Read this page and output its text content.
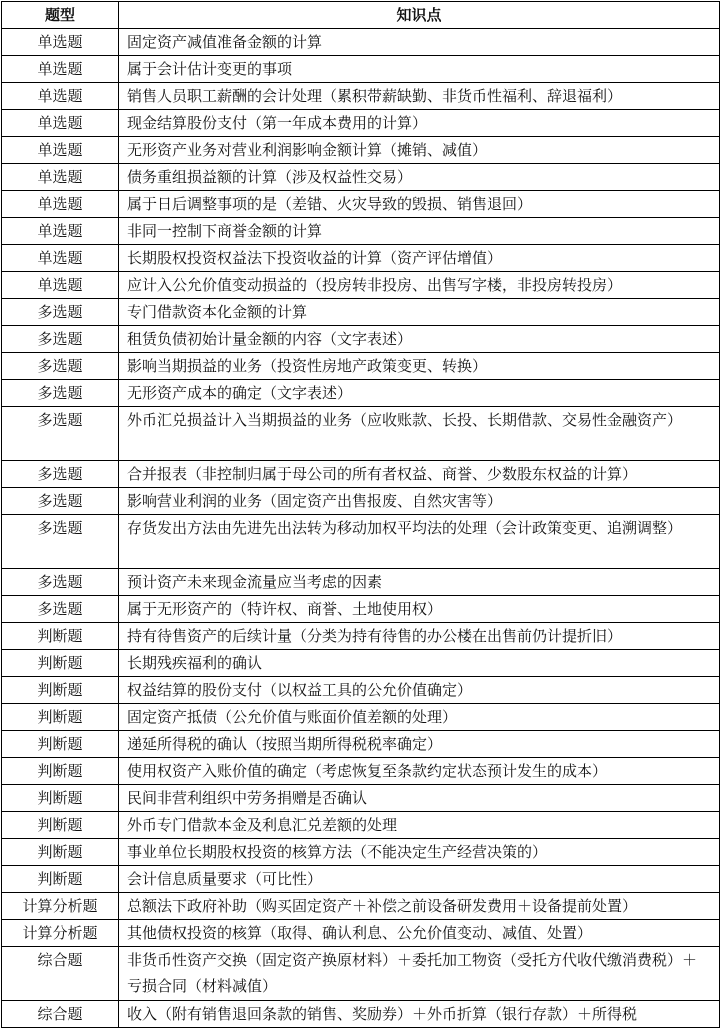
题型	知识点
单选题	固定资产减值准备金额的计算
单选题	属于会计估计变更的事项
单选题	销售人员职工薪酬的会计处理（累积带薪缺勤、非货币性福利、辞退福利）
单选题	现金结算股份支付（第一年成本费用的计算）
单选题	无形资产业务对营业利润影响金额计算（摊销、减值）
单选题	债务重组损益额的计算（涉及权益性交易）
单选题	属于日后调整事项的是（差错、火灾导致的毁损、销售退回）
单选题	非同一控制下商誉金额的计算
单选题	长期股权投资权益法下投资收益的计算（资产评估增值）
单选题	应计入公允价值变动损益的（投房转非投房、出售写字楼，非投房转投房）
多选题	专门借款资本化金额的计算
多选题	租赁负债初始计量金额的内容（文字表述）
多选题	影响当期损益的业务（投资性房地产政策变更、转换）
多选题	无形资产成本的确定（文字表述）
多选题	外币汇兑损益计入当期损益的业务（应收账款、长投、长期借款、交易性金融资产）
多选题	合并报表（非控制归属于母公司的所有者权益、商誉、少数股东权益的计算）
多选题	影响营业利润的业务（固定资产出售报废、自然灾害等）
多选题	存货发出方法由先进先出法转为移动加权平均法的处理（会计政策变更、追溯调整）
多选题	预计资产未来现金流量应当考虑的因素
多选题	属于无形资产的（特许权、商誉、土地使用权）
判断题	持有待售资产的后续计量（分类为持有待售的办公楼在出售前仍计提折旧）
判断题	长期残疾福利的确认
判断题	权益结算的股份支付（以权益工具的公允价值确定）
判断题	固定资产抵债（公允价值与账面价值差额的处理）
判断题	递延所得税的确认（按照当期所得税税率确定）
判断题	使用权资产入账价值的确定（考虑恢复至条款约定状态预计发生的成本）
判断题	民间非营利组织中劳务捐赠是否确认
判断题	外币专门借款本金及利息汇兑差额的处理
判断题	事业单位长期股权投资的核算方法（不能决定生产经营决策的）
判断题	会计信息质量要求（可比性）
计算分析题	总额法下政府补助（购买固定资产＋补偿之前设备研发费用＋设备提前处置）
计算分析题	其他债权投资的核算（取得、确认利息、公允价值变动、减值、处置）
综合题	非货币性资产交换（固定资产换原材料）＋委托加工物资（受托方代收代缴消费税）＋亏损合同（材料减值）
综合题	收入（附有销售退回条款的销售、奖励券）＋外币折算（银行存款）＋所得税
